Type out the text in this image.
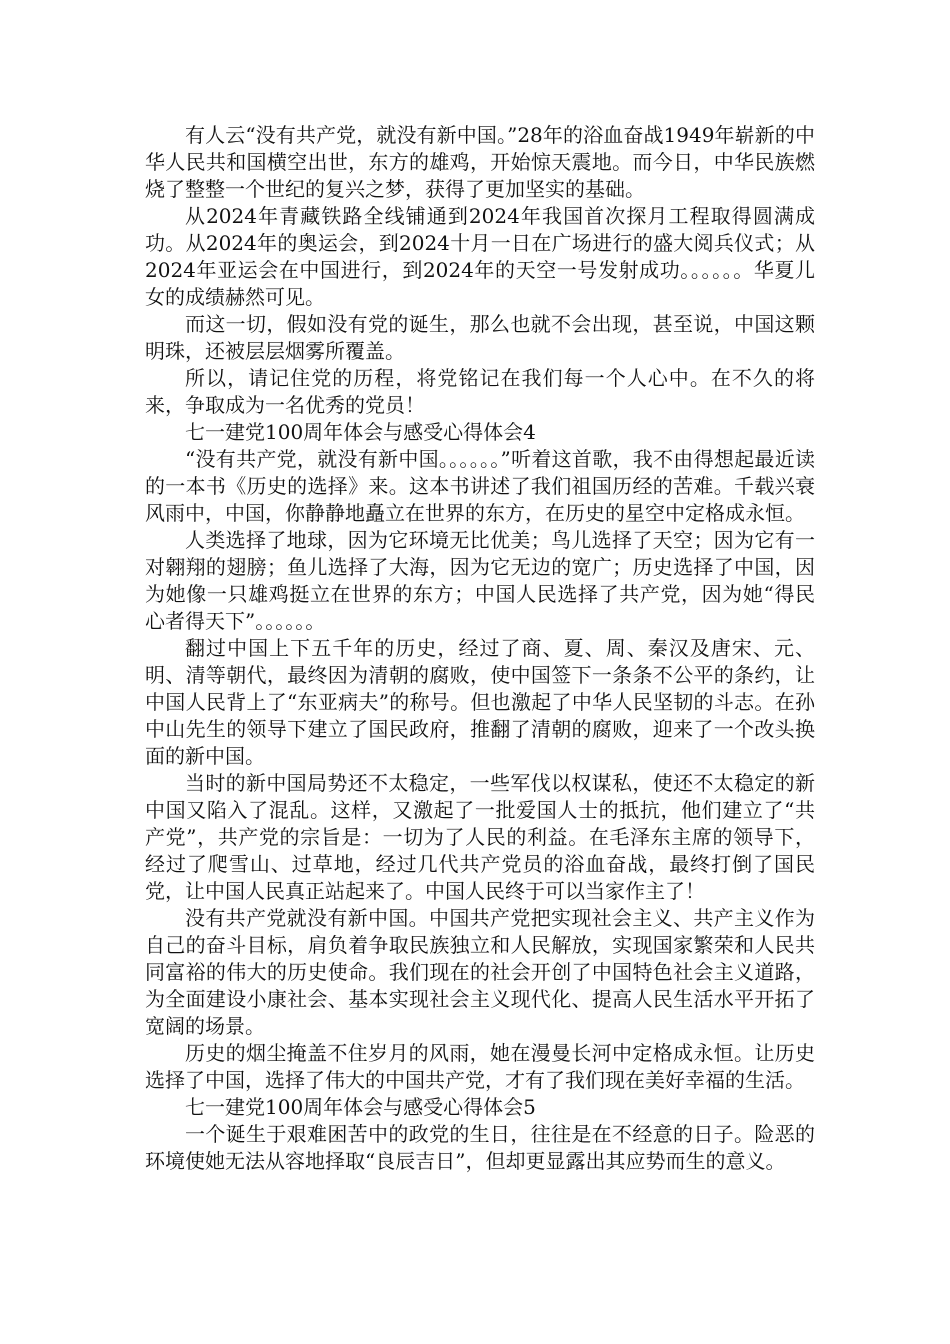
有人云“没有共产党，就没有新中国。”28年的浴血奋战1949年崭新的中华人民共和国横空出世，东方的雄鸡，开始惊天震地。而今日，中华民族燃烧了整整一个世纪的复兴之梦，获得了更加坚实的基础。

从2024年青藏铁路全线铺通到2024年我国首次探月工程取得圆满成功。从2024年的奥运会，到2024十月一日在广场进行的盛大阅兵仪式；从2024年亚运会在中国进行，到2024年的天空一号发射成功。。。。。。华夏儿女的成绩赫然可见。

而这一切，假如没有党的诞生，那么也就不会出现，甚至说，中国这颗明珠，还被层层烟雾所覆盖。

所以，请记住党的历程，将党铭记在我们每一个人心中。在不久的将来，争取成为一名优秀的党员！

七一建党100周年体会与感受心得体会4

“没有共产党，就没有新中国。。。。。。”听着这首歌，我不由得想起最近读的一本书《历史的选择》来。这本书讲述了我们祖国历经的苦难。千载兴衰风雨中，中国，你静静地矗立在世界的东方，在历史的星空中定格成永恒。

人类选择了地球，因为它环境无比优美；鸟儿选择了天空；因为它有一对翱翔的翅膀；鱼儿选择了大海，因为它无边的宽广；历史选择了中国，因为她像一只雄鸡挺立在世界的东方；中国人民选择了共产党，因为她“得民心者得天下”。。。。。。

翻过中国上下五千年的历史，经过了商、夏、周、秦汉及唐宋、元、明、清等朝代，最终因为清朝的腐败，使中国签下一条条不公平的条约，让中国人民背上了“东亚病夫”的称号。但也激起了中华人民坚韧的斗志。在孙中山先生的领导下建立了国民政府，推翻了清朝的腐败，迎来了一个改头换面的新中国。

当时的新中国局势还不太稳定，一些军伐以权谋私，使还不太稳定的新中国又陷入了混乱。这样，又激起了一批爱国人士的抵抗，他们建立了“共产党”，共产党的宗旨是：一切为了人民的利益。在毛泽东主席的领导下，经过了爬雪山、过草地，经过几代共产党员的浴血奋战，最终打倒了国民党，让中国人民真正站起来了。中国人民终于可以当家作主了！

没有共产党就没有新中国。中国共产党把实现社会主义、共产主义作为自己的奋斗目标，肩负着争取民族独立和人民解放，实现国家繁荣和人民共同富裕的伟大的历史使命。我们现在的社会开创了中国特色社会主义道路，为全面建设小康社会、基本实现社会主义现代化、提高人民生活水平开拓了宽阔的场景。

历史的烟尘掩盖不住岁月的风雨，她在漫曼长河中定格成永恒。让历史选择了中国，选择了伟大的中国共产党，才有了我们现在美好幸福的生活。

七一建党100周年体会与感受心得体会5

一个诞生于艰难困苦中的政党的生日，往往是在不经意的日子。险恶的环境使她无法从容地择取“良辰吉日”，但却更显露出其应势而生的意义。
